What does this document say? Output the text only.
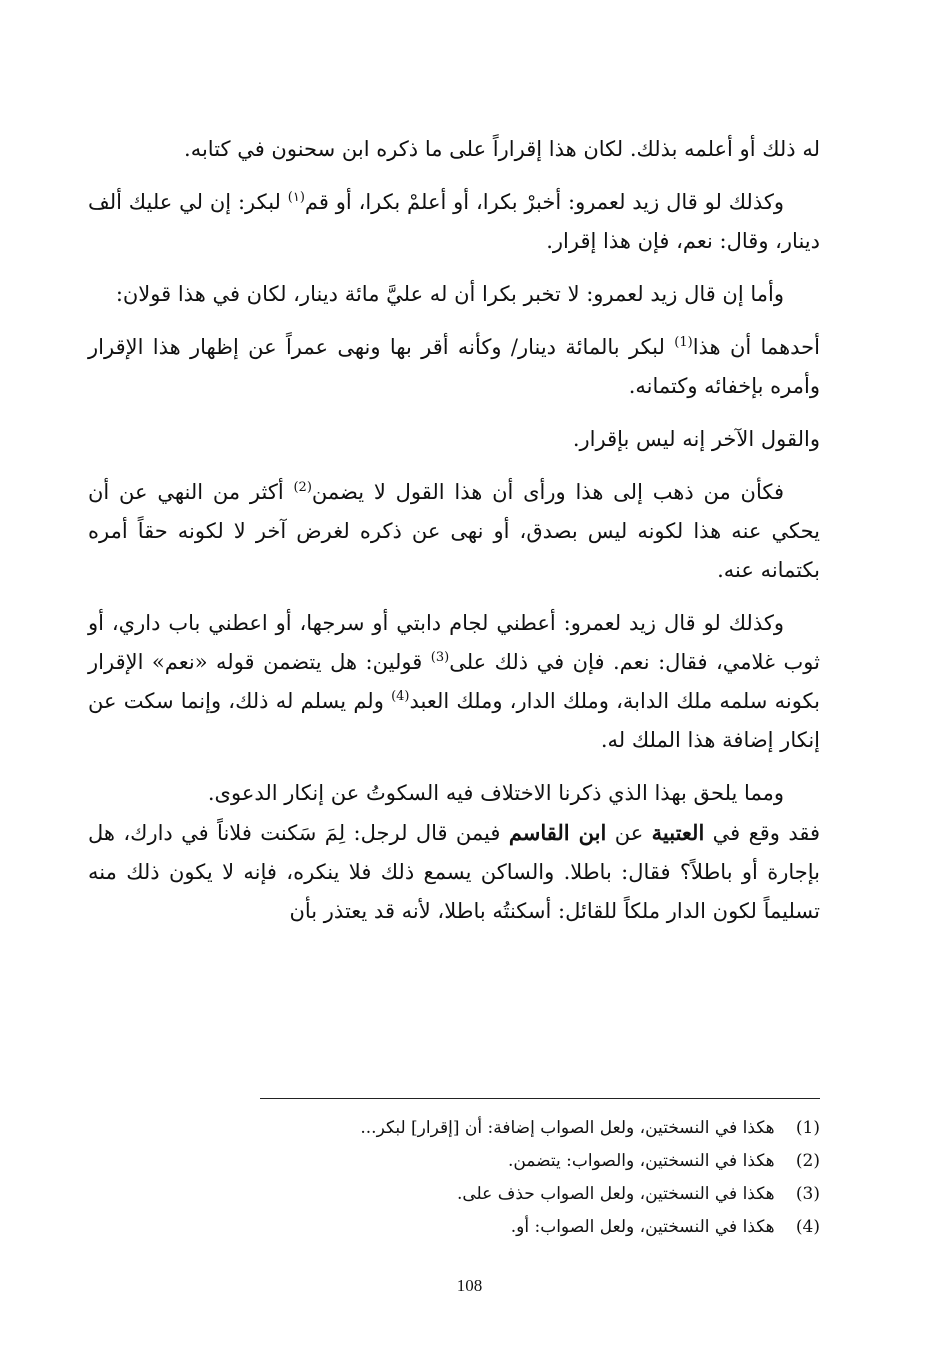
له ذلك أو أعلمه بذلك. لكان هذا إقراراً على ما ذكره ابن سحنون في كتابه.

وكذلك لو قال زيد لعمرو: أخبرْ بكرا، أو أعلمْ بكرا، أو قم$^{(١)}$ لبكر: إن لي عليك ألف دينار، وقال: نعم، فإن هذا إقرار.

وأما إن قال زيد لعمرو: لا تخبر بكرا أن له عليَّ مائة دينار، لكان في هذا قولان:

أحدهما أن هذا$^{(1)}$ لبكر بالمائة دينار/ وكأنه أقر بها ونهى عمراً عن إظهار هذا الإقرار وأمره بإخفائه وكتمانه.

والقول الآخر إنه ليس بإقرار.

فكأن من ذهب إلى هذا ورأى أن هذا القول لا يضمن$^{(2)}$ أكثر من النهي عن أن يحكي عنه هذا لكونه ليس بصدق، أو نهى عن ذكره لغرض آخر لا لكونه حقاً أمره بكتمانه عنه.

وكذلك لو قال زيد لعمرو: أعطني لجام دابتي أو سرجها، أو اعطني باب داري، أو ثوب غلامي، فقال: نعم. فإن في ذلك على$^{(3)}$ قولين: هل يتضمن قوله «نعم» الإقرار بكونه سلمه ملك الدابة، وملك الدار، وملك العبد$^{(4)}$ ولم يسلم له ذلك، وإنما سكت عن إنكار إضافة هذا الملك له.

ومما يلحق بهذا الذي ذكرنا الاختلاف فيه السكوتُ عن إنكار الدعوى.

فقد وقع في العتبية عن ابن القاسم فيمن قال لرجل: لِمَ سَكنت فلاناً في دارك، هل بإجارة أو باطلاً؟ فقال: باطلا. والساكن يسمع ذلك فلا ينكره، فإنه لا يكون ذلك منه تسليماً لكون الدار ملكاً للقائل: أسكنتُه باطلا، لأنه قد يعتذر بأن

(1) هكذا في النسختين، ولعل الصواب إضافة: أن [إقرار] لبكر...
(2) هكذا في النسختين، والصواب: يتضمن.
(3) هكذا في النسختين، ولعل الصواب حذف على.
(4) هكذا في النسختين، ولعل الصواب: أو.
108
